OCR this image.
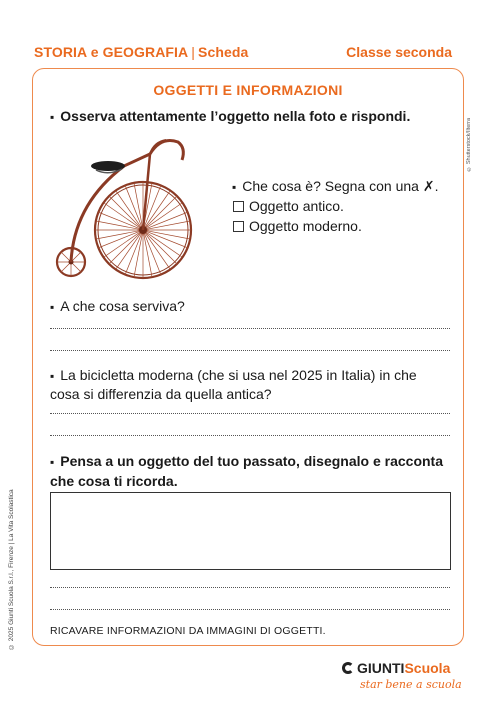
STORIA e GEOGRAFIA | Scheda	Classe seconda
OGGETTI E INFORMAZIONI
▪ Osserva attentamente l’oggetto nella foto e rispondi.
© Shutterstock/Ilterra
▪ Che cosa è? Segna con una ✗.
Oggetto antico.
Oggetto moderno.
▪ A che cosa serviva?
▪ La bicicletta moderna (che si usa nel 2025 in Italia) in che cosa si differenzia da quella antica?
▪ Pensa a un oggetto del tuo passato, disegnalo e racconta che cosa ti ricorda.
RICAVARE INFORMAZIONI DA IMMAGINI DI OGGETTI.
© 2025 Giunti Scuola S.r.l., Firenze | La Vita Scolastica
GIUNTI Scuola
star bene a scuola
